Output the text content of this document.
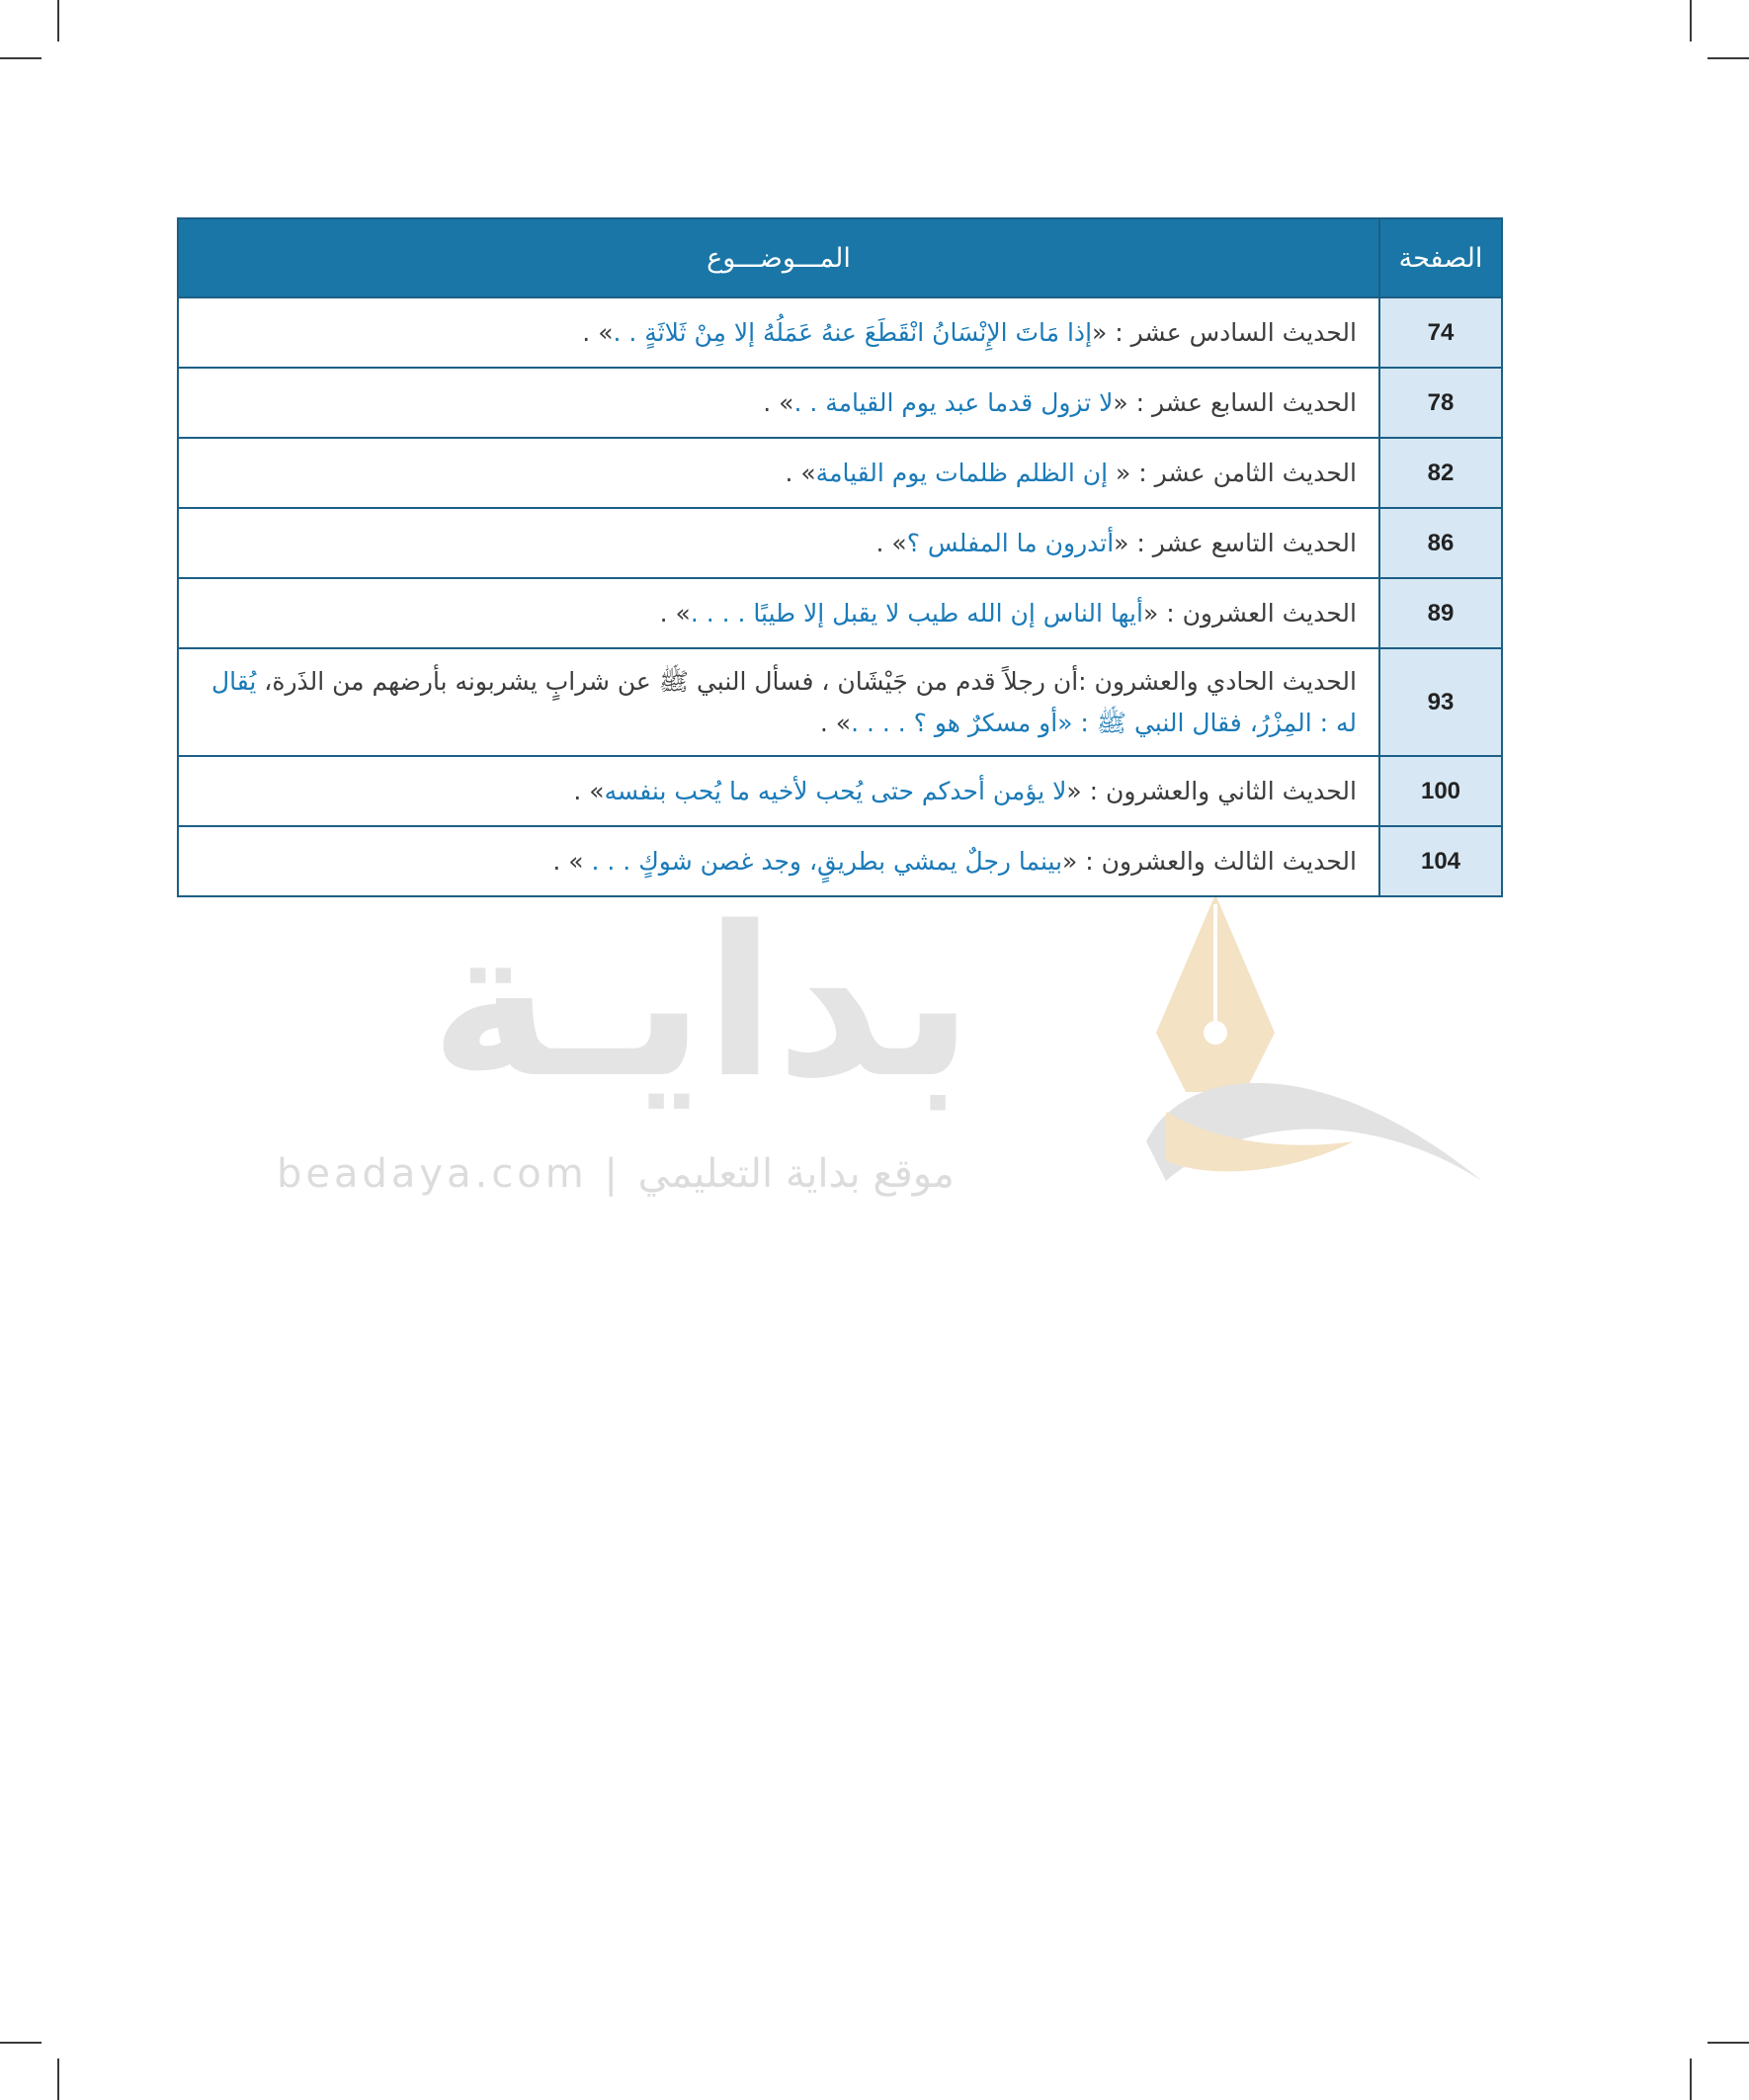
بدايـة
beadaya.com | موقع بداية التعليمي
الصفحة	المـــوضـــوع
74	الحديث السادس عشر : «إذا مَاتَ الإِنْسَانُ انْقَطَعَ عنهُ عَمَلُهُ إلا مِنْ ثَلاثَةٍ . .» .
78	الحديث السابع عشر : «لا تزول قدما عبد يوم القيامة . .» .
82	الحديث الثامن عشر : « إن الظلم ظلمات يوم القيامة» .
86	الحديث التاسع عشر : «أتدرون ما المفلس ؟» .
89	الحديث العشرون : «أيها الناس إن الله طيب لا يقبل إلا طيبًا . . . .» .
93	الحديث الحادي والعشرون :أن رجلاً قدم من جَيْشَان ، فسأل النبي ﷺ عن شرابٍ يشربونه بأرضهم من الذَرة، يُقال له : المِزْرُ، فقال النبي ﷺ : «أو مسكرٌ هو ؟ . . . .» .
100	الحديث الثاني والعشرون : «لا يؤمن أحدكم حتى يُحب لأخيه ما يُحب بنفسه» .
104	الحديث الثالث والعشرون : «بينما رجلٌ يمشي بطريقٍ، وجد غصن شوكٍ . . . » .
